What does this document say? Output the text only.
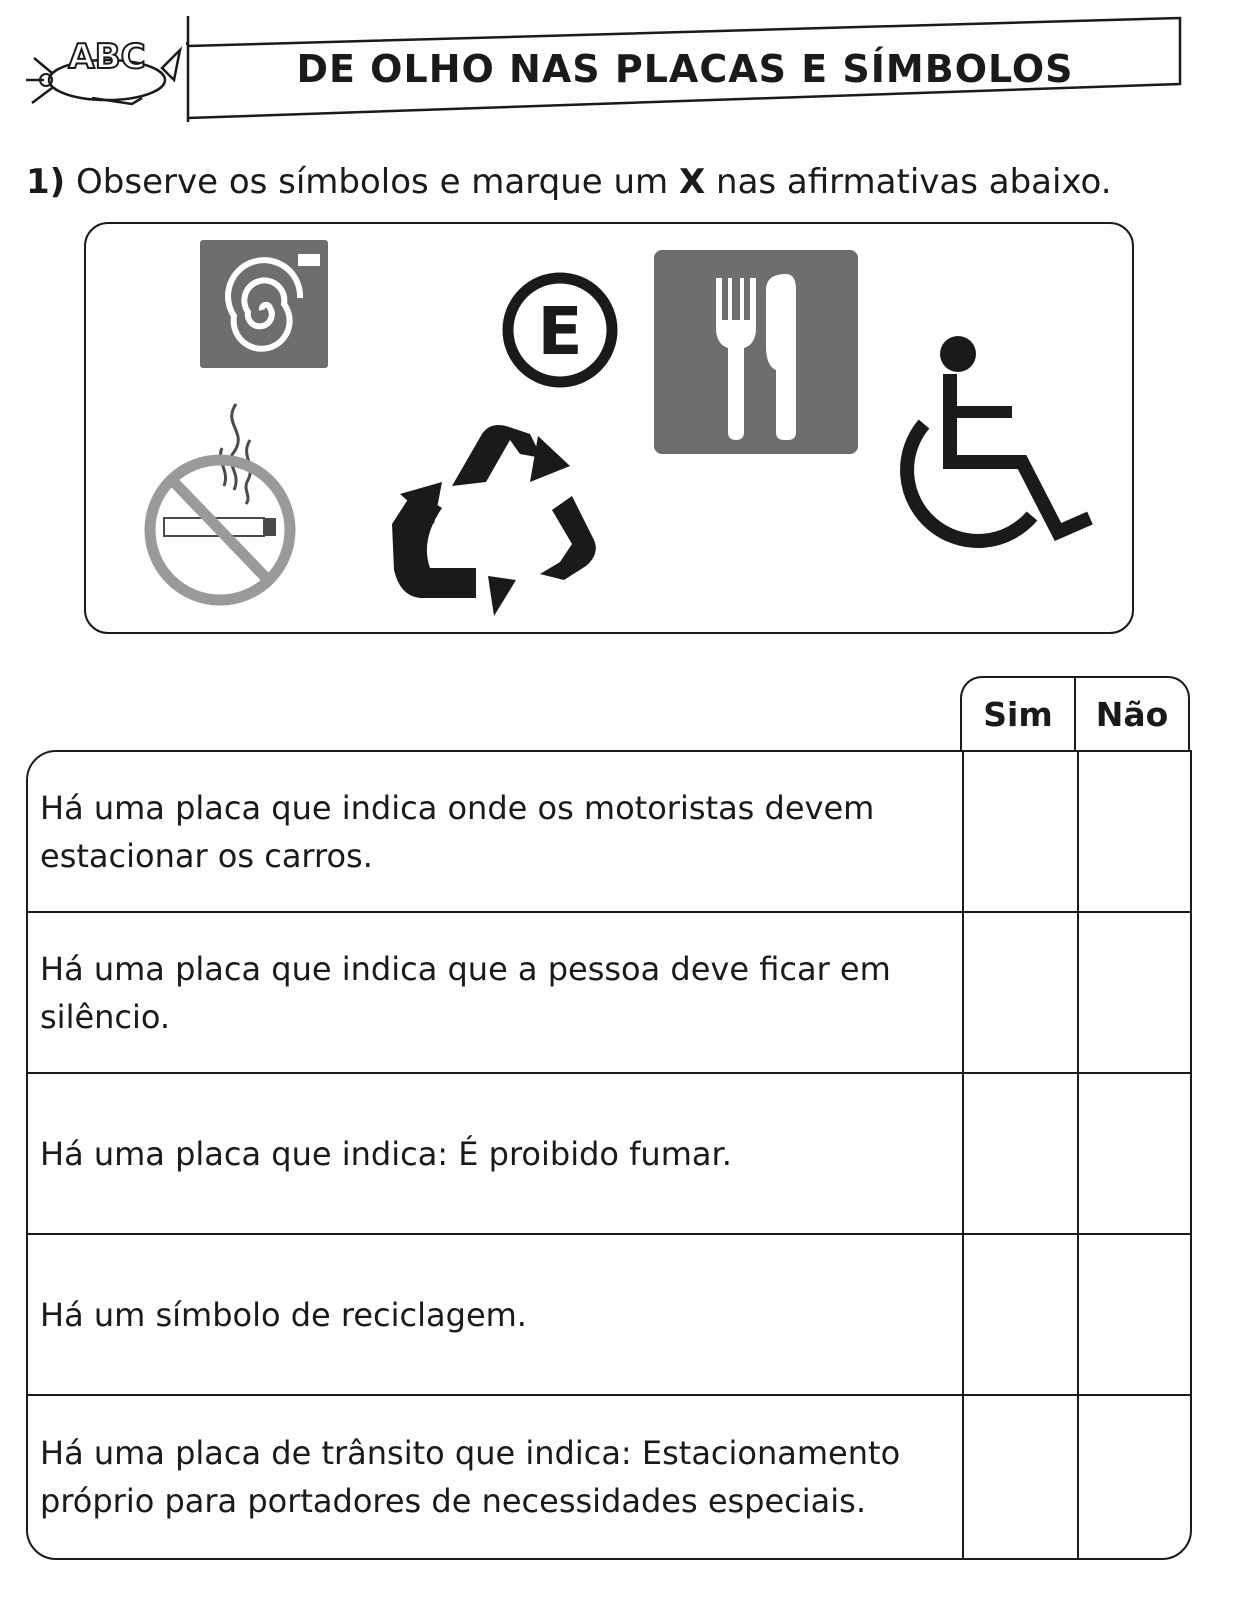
ABC	DE OLHO NAS PLACAS E SÍMBOLOS
1) Observe os símbolos e marque um X nas afirmativas abaixo.
E
Sim	Não
Há uma placa que indica onde os motoristas devem estacionar os carros.
Há uma placa que indica que a pessoa deve ficar em silêncio.
Há uma placa que indica: É proibido fumar.
Há um símbolo de reciclagem.
Há uma placa de trânsito que indica: Estacionamento próprio para portadores de necessidades especiais.
